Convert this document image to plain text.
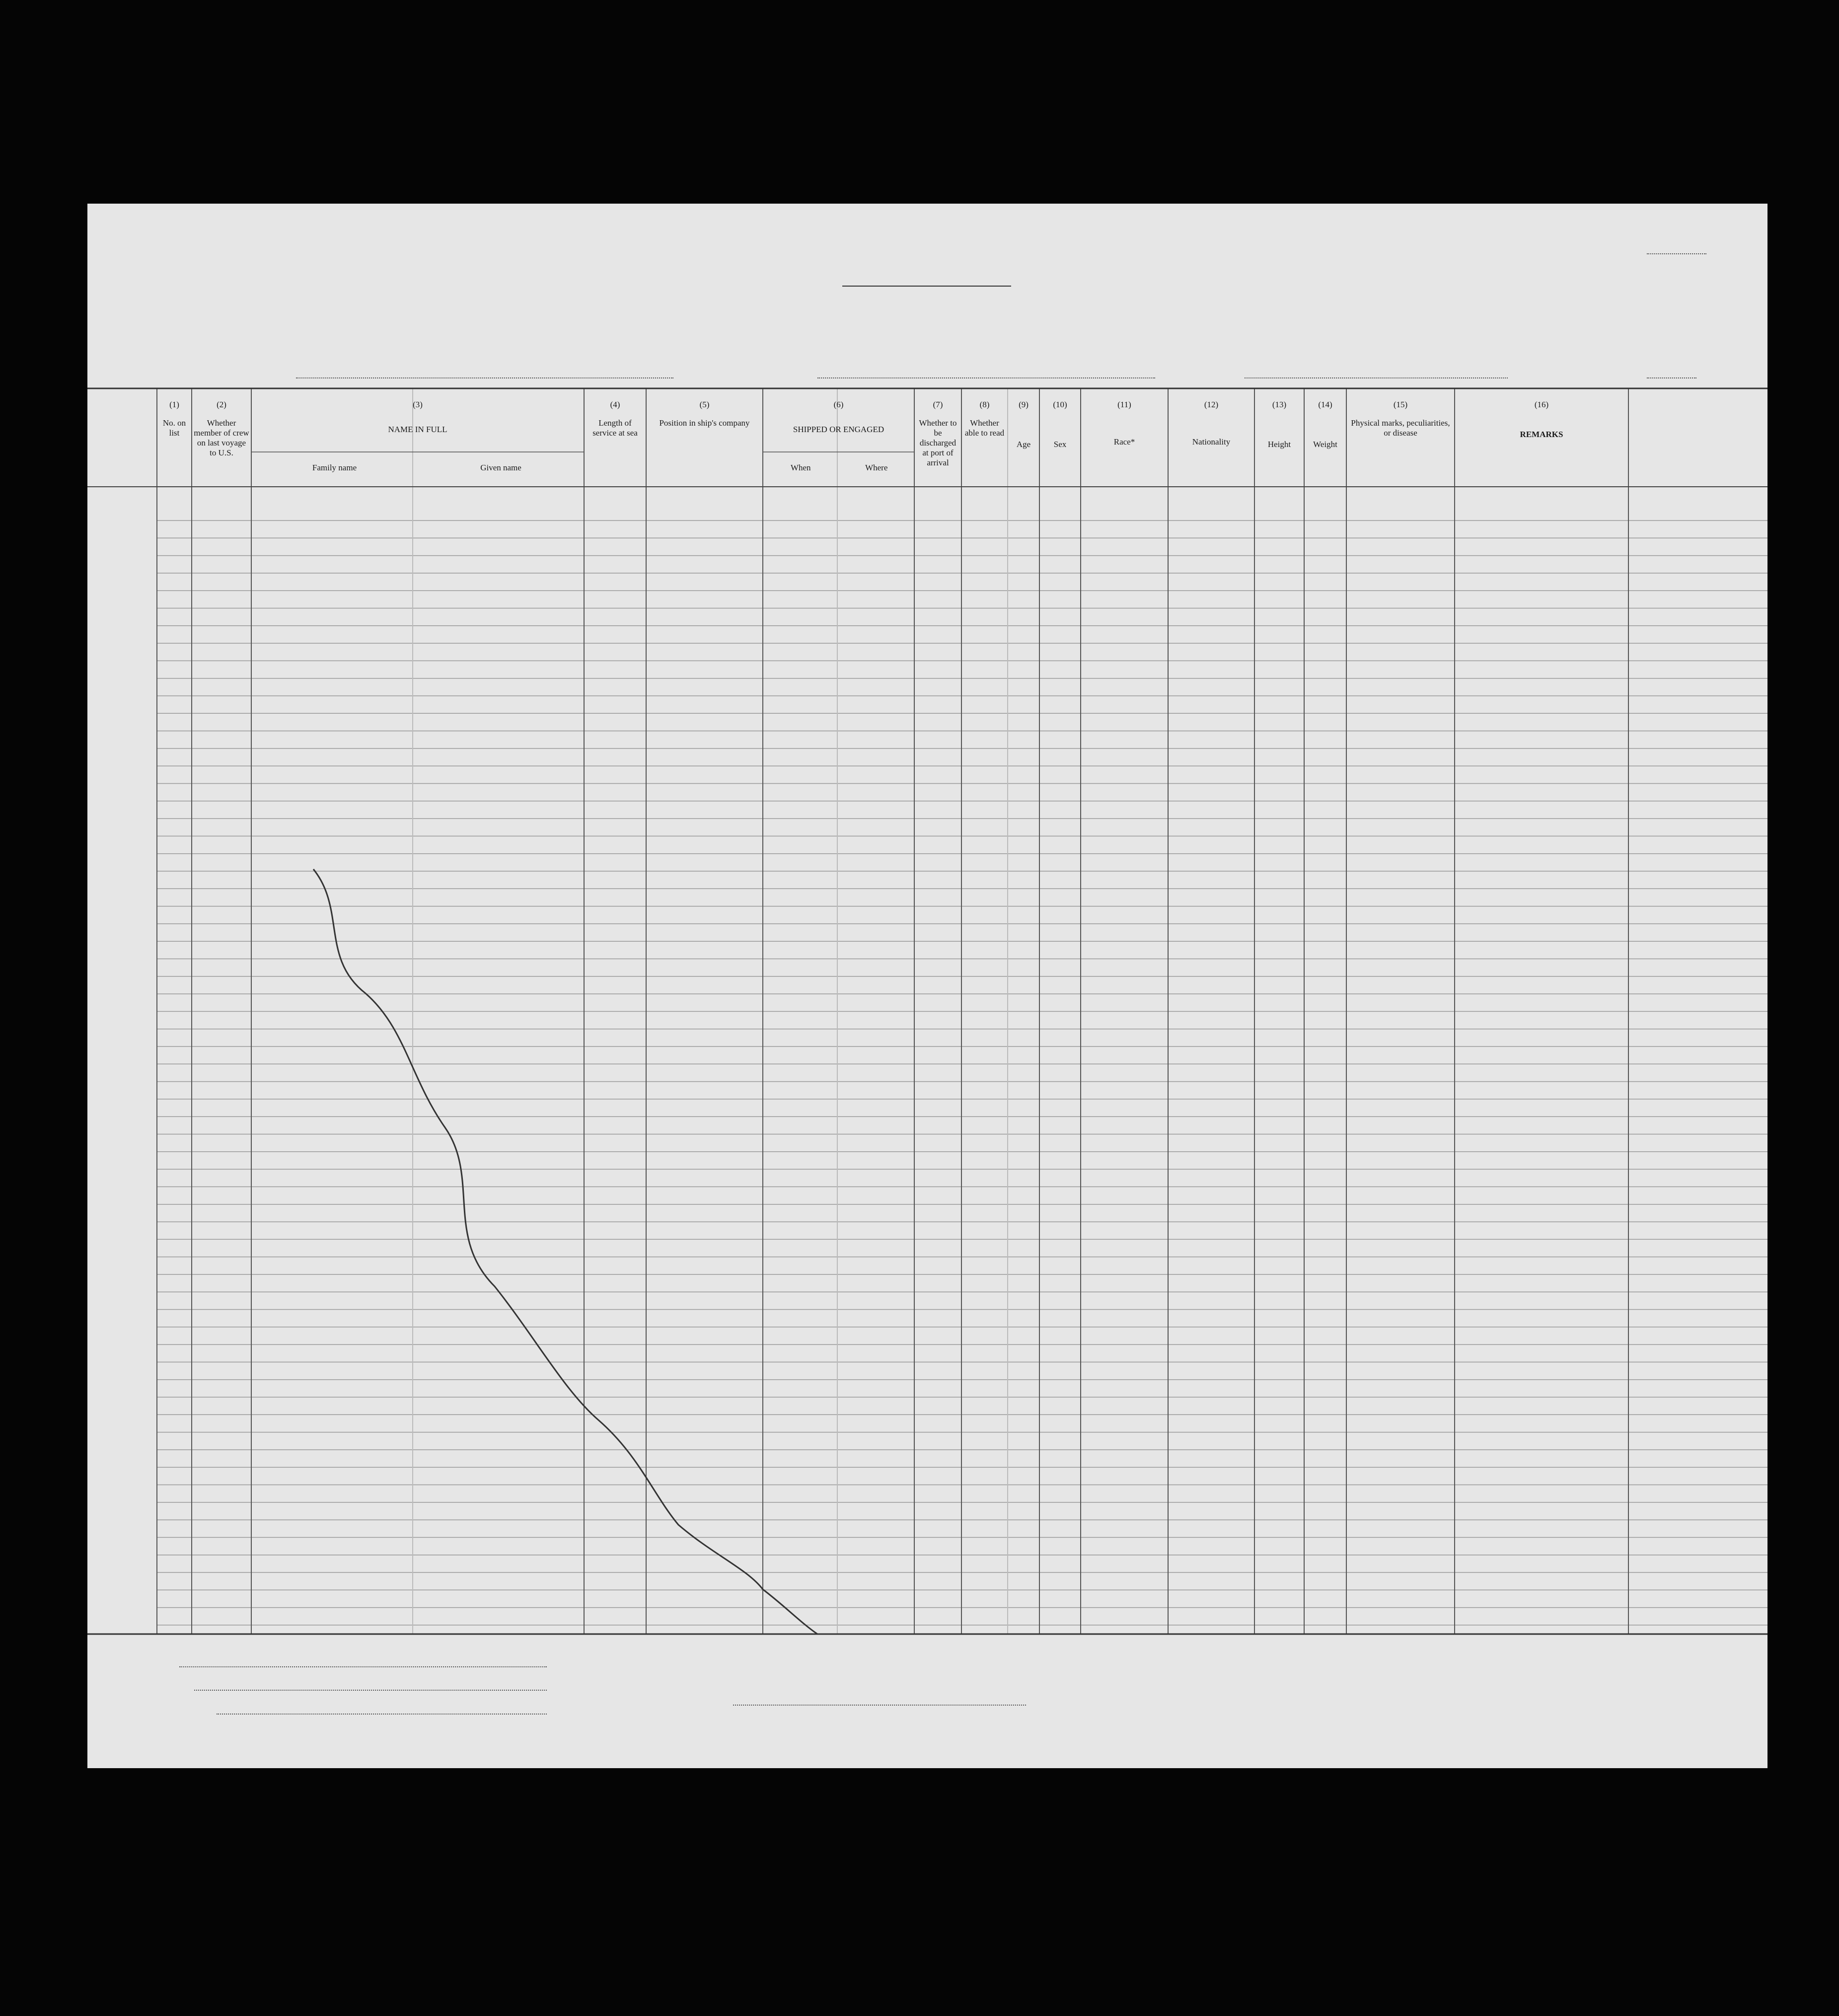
(1)
No. on list
(2)
Whether member of crew on last voyage to U.S.
(3)
NAME IN FULL
Family name	Given name
(4)
Length of service at sea
(5)
Position in ship's company
(6)
SHIPPED OR ENGAGED
When	Where
(7)
Whether to be discharged at port of arrival
(8)
Whether able to read
(9)
Age
(10)
Sex
(11)
Race*
(12)
Nationality
(13)
Height
(14)
Weight
(15)
Physical marks, peculiarities, or disease
(16)
REMARKS
